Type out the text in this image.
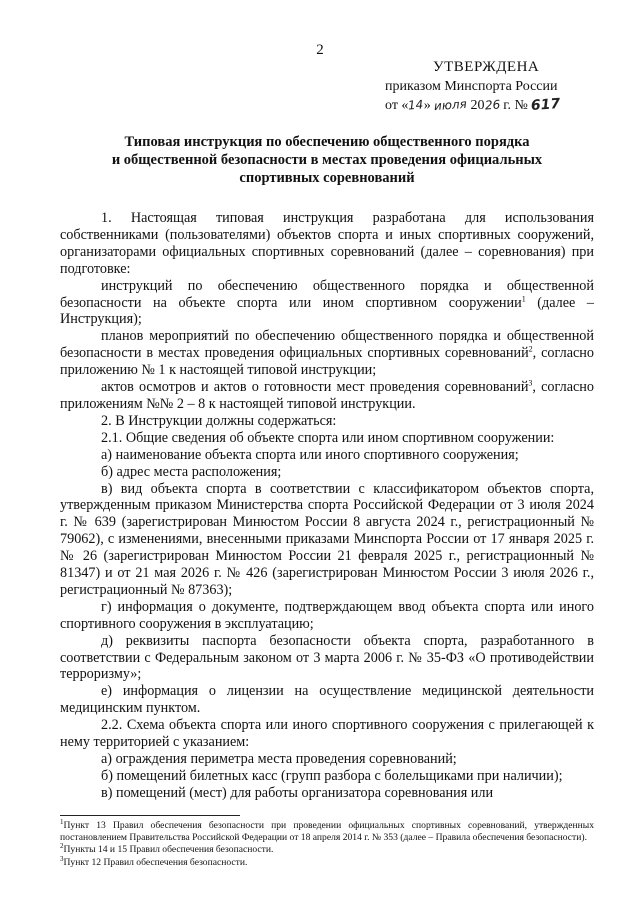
2
УТВЕРЖДЕНА
приказом Минспорта России
от «14» июля 2026 г. № 617
Типовая инструкция по обеспечению общественного порядка
и общественной безопасности в местах проведения официальных
спортивных соревнований

1. Настоящая типовая инструкция разработана для использования собственниками (пользователями) объектов спорта и иных спортивных сооружений, организаторами официальных спортивных соревнований (далее – соревнования) при подготовке:

инструкций по обеспечению общественного порядка и общественной безопасности на объекте спорта или ином спортивном сооружении$^1$ (далее – Инструкция);

планов мероприятий по обеспечению общественного порядка и общественной безопасности в местах проведения официальных спортивных соревнований$^2$, согласно приложению № 1 к настоящей типовой инструкции;

актов осмотров и актов о готовности мест проведения соревнований$^3$, согласно приложениям №№ 2 – 8 к настоящей типовой инструкции.

2. В Инструкции должны содержаться:

2.1. Общие сведения об объекте спорта или ином спортивном сооружении:

а) наименование объекта спорта или иного спортивного сооружения;

б) адрес места расположения;

в) вид объекта спорта в соответствии с классификатором объектов спорта, утвержденным приказом Министерства спорта Российской Федерации от 3 июля 2024 г. № 639 (зарегистрирован Минюстом России 8 августа 2024 г., регистрационный № 79062), с изменениями, внесенными приказами Минспорта России от 17 января 2025 г. № 26 (зарегистрирован Минюстом России 21 февраля 2025 г., регистрационный № 81347) и от 21 мая 2026 г. № 426 (зарегистрирован Минюстом России 3 июля 2026 г., регистрационный № 87363);

г) информация о документе, подтверждающем ввод объекта спорта или иного спортивного сооружения в эксплуатацию;

д) реквизиты паспорта безопасности объекта спорта, разработанного в соответствии с Федеральным законом от 3 марта 2006 г. № 35-ФЗ «О противодействии терроризму»;

е) информация о лицензии на осуществление медицинской деятельности медицинским пунктом.

2.2. Схема объекта спорта или иного спортивного сооружения с прилегающей к нему территорией с указанием:

а) ограждения периметра места проведения соревнований;

б) помещений билетных касс (групп разбора с болельщиками при наличии);

в) помещений (мест) для работы организатора соревнования или

$^1$Пункт 13 Правил обеспечения безопасности при проведении официальных спортивных соревнований, утвержденных постановлением Правительства Российской Федерации от 18 апреля 2014 г. № 353 (далее – Правила обеспечения безопасности).

$^2$Пункты 14 и 15 Правил обеспечения безопасности.

$^3$Пункт 12 Правил обеспечения безопасности.
